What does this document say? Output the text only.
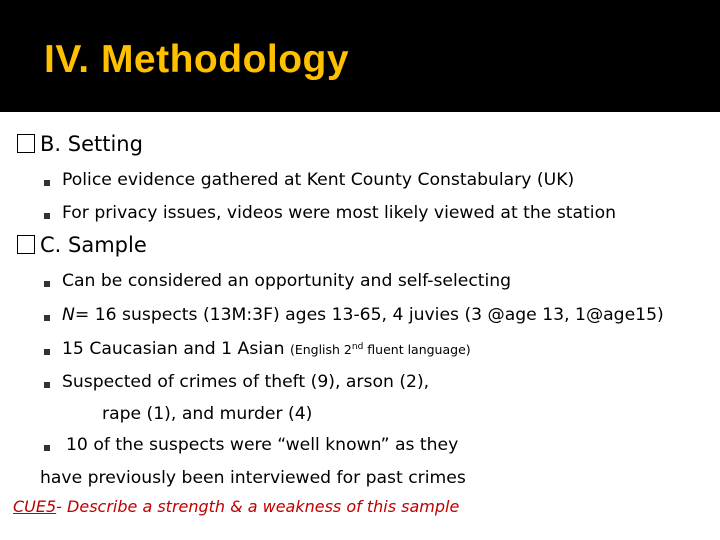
IV. Methodology
B. Setting
Police evidence gathered at Kent County Constabulary (UK)
For privacy issues, videos were most likely viewed at the station
C. Sample
Can be considered an opportunity and self-selecting
N= 16 suspects (13M:3F) ages 13-65, 4 juvies (3 @age 13, 1@age15)
15 Caucasian and 1 Asian (English 2nd fluent language)
Suspected of crimes of theft (9), arson (2),
rape (1), and murder (4)
10 of the suspects were “well known” as they
have previously been interviewed for past crimes
CUE5- Describe a strength & a weakness of this sample
